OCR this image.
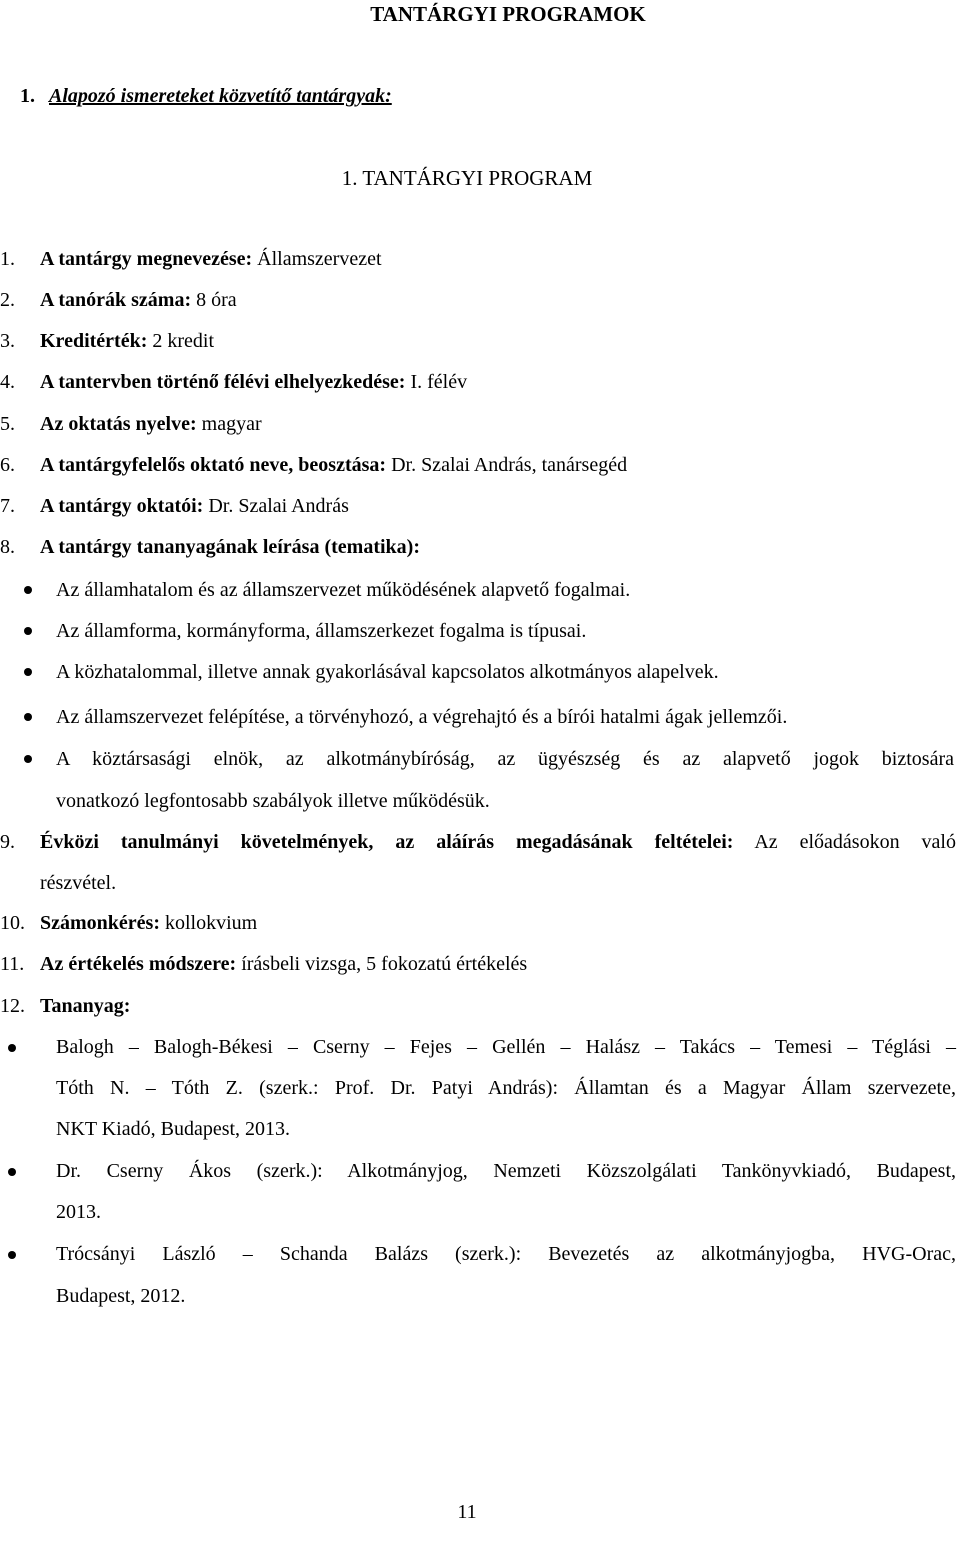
TANTÁRGYI PROGRAMOK
1. Alapozó ismereteket közvetítő tantárgyak:
1. TANTÁRGYI PROGRAM
1. A tantárgy megnevezése: Államszervezet
2. A tanórák száma: 8 óra
3. Kreditérték: 2 kredit
4. A tantervben történő félévi elhelyezkedése: I. félév
5. Az oktatás nyelve: magyar
6. A tantárgyfelelős oktató neve, beosztása: Dr. Szalai András, tanársegéd
7. A tantárgy oktatói: Dr. Szalai András
8. A tantárgy tananyagának leírása (tematika):
Az államhatalom és az államszervezet működésének alapvető fogalmai.
Az államforma, kormányforma, államszerkezet fogalma is típusai.
A közhatalommal, illetve annak gyakorlásával kapcsolatos alkotmányos alapelvek.
Az államszervezet felépítése, a törvényhozó, a végrehajtó és a bírói hatalmi ágak jellemzői.
A köztársasági elnök, az alkotmánybíróság, az ügyészség és az alapvető jogok biztosára
vonatkozó legfontosabb szabályok illetve működésük.
9. Évközi tanulmányi követelmények, az aláírás megadásának feltételei: Az előadásokon való
részvétel.
10. Számonkérés: kollokvium
11. Az értékelés módszere: írásbeli vizsga, 5 fokozatú értékelés
12. Tananyag:
Balogh – Balogh-Békesi – Cserny – Fejes – Gellén – Halász – Takács – Temesi – Téglási –
Tóth N. – Tóth Z. (szerk.: Prof. Dr. Patyi András): Államtan és a Magyar Állam szervezete,
NKT Kiadó, Budapest, 2013.
Dr. Cserny Ákos (szerk.): Alkotmányjog, Nemzeti Közszolgálati Tankönyvkiadó, Budapest,
2013.
Trócsányi László – Schanda Balázs (szerk.): Bevezetés az alkotmányjogba, HVG-Orac,
Budapest, 2012.
11
